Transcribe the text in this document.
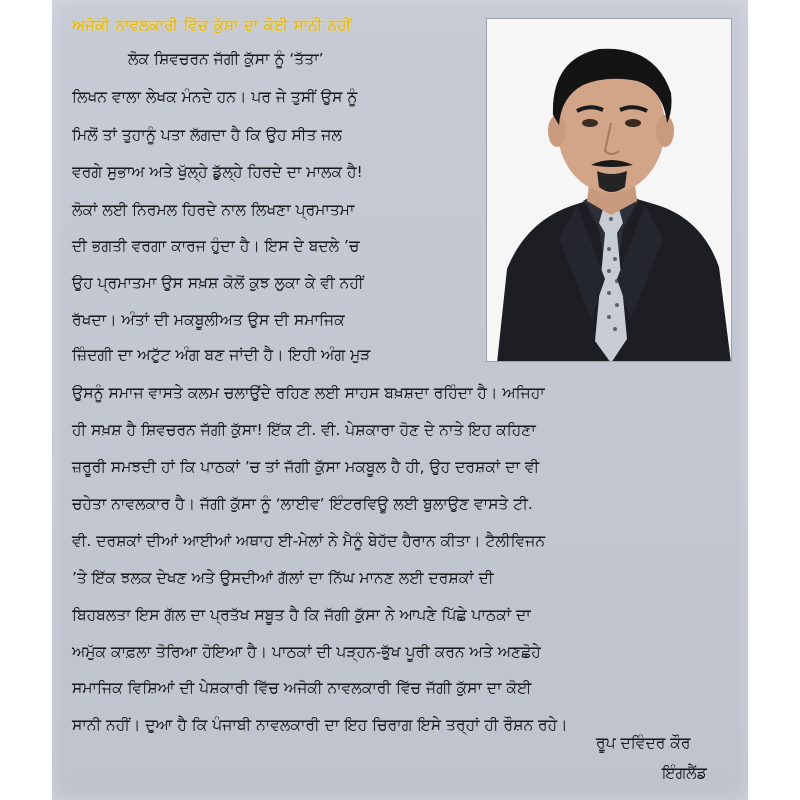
ਅਜੋਕੀ ਨਾਵਲਕਾਰੀ ਵਿੱਚ ਕੁੱਸਾ ਦਾ ਕੋਈ ਸਾਨੀ ਨਹੀਂ
ਲੋਕ ਸ਼ਿਵਚਰਨ ਜੱਗੀ ਕੁੱਸਾ ਨੂੰ ‘ਤੱਤਾ’
ਲਿਖਨ ਵਾਲਾ ਲੇਖਕ ਮੰਨਦੇ ਹਨ। ਪਰ ਜੇ ਤੁਸੀਂ ਉਸ ਨੂੰ
ਮਿਲੋਂ ਤਾਂ ਤੁਹਾਨੂੰ ਪਤਾ ਲੱਗਦਾ ਹੈ ਕਿ ਉਹ ਸੀਤ ਜਲ
ਵਰਗੇ ਸੁਭਾਅ ਅਤੇ ਖੁੱਲ੍ਹੇ ਡੁੱਲ੍ਹੇ ਹਿਰਦੇ ਦਾ ਮਾਲਕ ਹੈ!
ਲੋਕਾਂ ਲਈ ਨਿਰਮਲ ਹਿਰਦੇ ਨਾਲ ਲਿਖਣਾ ਪ੍ਰਮਾਤਮਾ
ਦੀ ਭਗਤੀ ਵਰਗਾ ਕਾਰਜ ਹੁੰਦਾ ਹੈ। ਇਸ ਦੇ ਬਦਲੇ ’ਚ
ਉਹ ਪ੍ਰਮਾਤਮਾ ਉਸ ਸਖ਼ਸ਼ ਕੋਲੋਂ ਕੁਝ ਲੁਕਾ ਕੇ ਵੀ ਨਹੀਂ
ਰੱਖਦਾ। ਅੰਤਾਂ ਦੀ ਮਕਬੂਲੀਅਤ ਉਸ ਦੀ ਸਮਾਜਿਕ
ਜ਼ਿੰਦਗੀ ਦਾ ਅਟੁੱਟ ਅੰਗ ਬਣ ਜਾਂਦੀ ਹੈ। ਇਹੀ ਅੰਗ ਮੁੜ
ਉਸਨੂੰ ਸਮਾਜ ਵਾਸਤੇ ਕਲਮ ਚਲਾਉਂਦੇ ਰਹਿਣ ਲਈ ਸਾਹਸ ਬਖ਼ਸ਼ਦਾ ਰਹਿੰਦਾ ਹੈ। ਅਜਿਹਾ
ਹੀ ਸਖ਼ਸ਼ ਹੈ ਸ਼ਿਵਚਰਨ ਜੱਗੀ ਕੁੱਸਾ! ਇੱਕ ਟੀ. ਵੀ. ਪੇਸ਼ਕਾਰਾ ਹੋਣ ਦੇ ਨਾਤੇ ਇਹ ਕਹਿਣਾ
ਜ਼ਰੂਰੀ ਸਮਝਦੀ ਹਾਂ ਕਿ ਪਾਠਕਾਂ ’ਚ ਤਾਂ ਜੱਗੀ ਕੁੱਸਾ ਮਕਬੂਲ ਹੈ ਹੀ, ਉਹ ਦਰਸ਼ਕਾਂ ਦਾ ਵੀ
ਚਹੇਤਾ ਨਾਵਲਕਾਰ ਹੈ। ਜੱਗੀ ਕੁੱਸਾ ਨੂੰ ‘ਲਾਈਵ’ ਇੰਟਰਵਿਊ ਲਈ ਬੁਲਾਉਣ ਵਾਸਤੇ ਟੀ.
ਵੀ. ਦਰਸ਼ਕਾਂ ਦੀਆਂ ਆਈਆਂ ਅਥਾਹ ਈ-ਮੇਲਾਂ ਨੇ ਮੈਨੂੰ ਬੇਹੱਦ ਹੈਰਾਨ ਕੀਤਾ। ਟੈਲੀਵਿਜਨ
’ਤੇ ਇੱਕ ਝਲਕ ਦੇਖਣ ਅਤੇ ਉਸਦੀਆਂ ਗੱਲਾਂ ਦਾ ਨਿੱਘ ਮਾਨਣ ਲਈ ਦਰਸ਼ਕਾਂ ਦੀ
ਬਿਹਬਲਤਾ ਇਸ ਗੱਲ ਦਾ ਪ੍ਰਤੱਖ ਸਬੂਤ ਹੈ ਕਿ ਜੱਗੀ ਕੁੱਸਾ ਨੇ ਆਪਣੇ ਪਿੱਛੇ ਪਾਠਕਾਂ ਦਾ
ਅਮੁੱਕ ਕਾਫ਼ਲਾ ਤੋਰਿਆ ਹੋਇਆ ਹੈ। ਪਾਠਕਾਂ ਦੀ ਪੜ੍ਹਨ-ਭੁੱਖ ਪੂਰੀ ਕਰਨ ਅਤੇ ਅਣਛੋਹੇ
ਸਮਾਜਿਕ ਵਿਸ਼ਿਆਂ ਦੀ ਪੇਸ਼ਕਾਰੀ ਵਿੱਚ ਅਜੋਕੀ ਨਾਵਲਕਾਰੀ ਵਿੱਚ ਜੱਗੀ ਕੁੱਸਾ ਦਾ ਕੋਈ
ਸਾਨੀ ਨਹੀਂ। ਦੁਆ ਹੈ ਕਿ ਪੰਜਾਬੀ ਨਾਵਲਕਾਰੀ ਦਾ ਇਹ ਚਿਰਾਗ ਇਸੇ ਤਰ੍ਹਾਂ ਹੀ ਰੌਸ਼ਨ ਰਹੇ।
ਰੂਪ ਦਵਿੰਦਰ ਕੌਰ
ਇੰਗਲੈਂਡ
